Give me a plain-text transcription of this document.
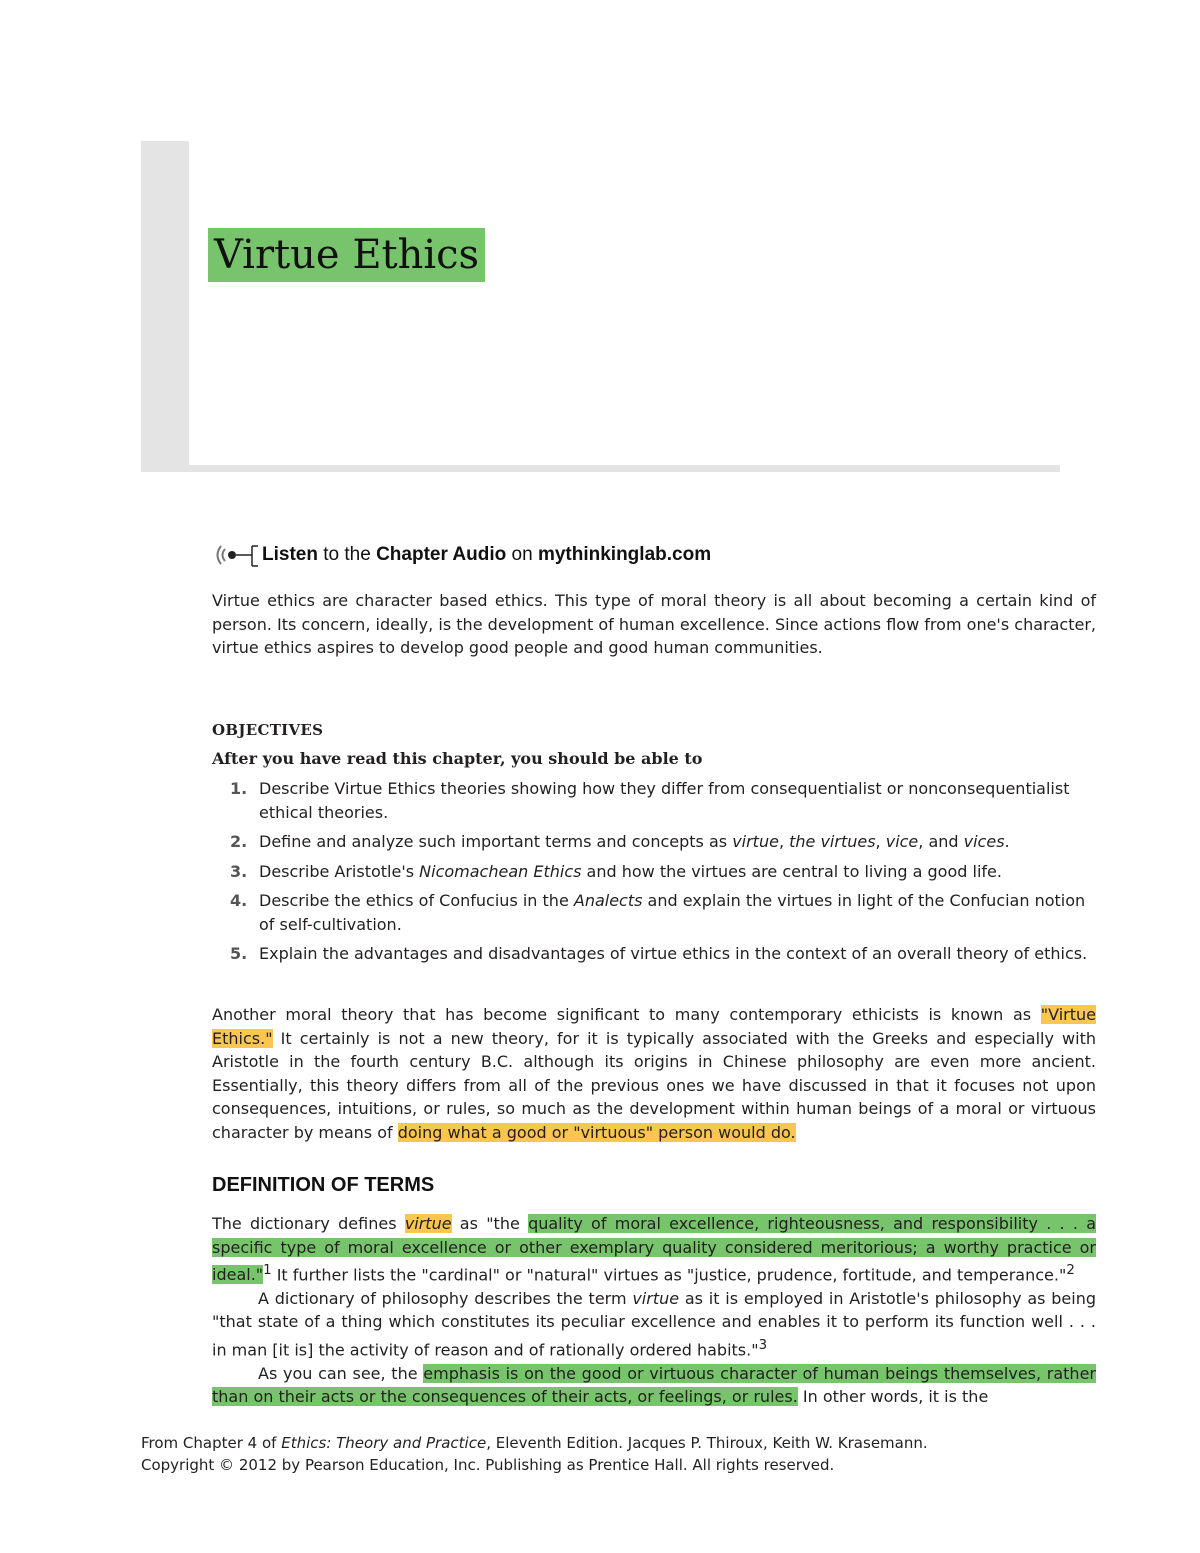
Virtue Ethics
Listen to the Chapter Audio on mythinkinglab.com
Virtue ethics are character based ethics. This type of moral theory is all about becoming a certain kind of person. Its concern, ideally, is the development of human excellence. Since actions flow from one's character, virtue ethics aspires to develop good people and good human communities.
OBJECTIVES
After you have read this chapter, you should be able to
1. Describe Virtue Ethics theories showing how they differ from consequentialist or nonconsequentialist ethical theories.
2. Define and analyze such important terms and concepts as virtue, the virtues, vice, and vices.
3. Describe Aristotle's Nicomachean Ethics and how the virtues are central to living a good life.
4. Describe the ethics of Confucius in the Analects and explain the virtues in light of the Confucian notion of self-cultivation.
5. Explain the advantages and disadvantages of virtue ethics in the context of an overall theory of ethics.
Another moral theory that has become significant to many contemporary ethicists is known as "Virtue Ethics." It certainly is not a new theory, for it is typically associated with the Greeks and especially with Aristotle in the fourth century B.C. although its origins in Chinese philosophy are even more ancient. Essentially, this theory differs from all of the previous ones we have discussed in that it focuses not upon consequences, intuitions, or rules, so much as the development within human beings of a moral or virtuous character by means of doing what a good or "virtuous" person would do.
DEFINITION OF TERMS
The dictionary defines virtue as "the quality of moral excellence, righteousness, and responsibility . . . a specific type of moral excellence or other exemplary quality considered meritorious; a worthy practice or ideal."$^1$ It further lists the "cardinal" or "natural" virtues as "justice, prudence, fortitude, and temperance."$^2$
A dictionary of philosophy describes the term virtue as it is employed in Aristotle's philosophy as being "that state of a thing which constitutes its peculiar excellence and enables it to perform its function well . . . in man [it is] the activity of reason and of rationally ordered habits."$^3$
As you can see, the emphasis is on the good or virtuous character of human beings themselves, rather than on their acts or the consequences of their acts, or feelings, or rules. In other words, it is the
From Chapter 4 of Ethics: Theory and Practice, Eleventh Edition. Jacques P. Thiroux, Keith W. Krasemann.
Copyright © 2012 by Pearson Education, Inc. Publishing as Prentice Hall. All rights reserved.
